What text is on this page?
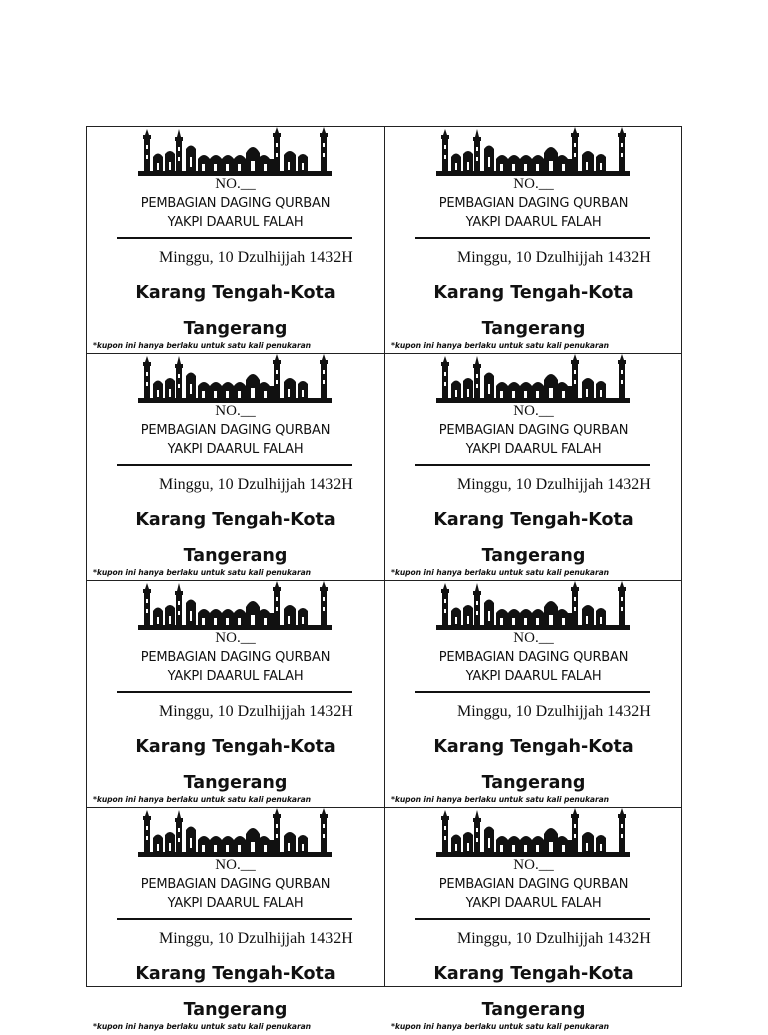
NO.__
PEMBAGIAN DAGING QURBAN
YAKPI DAARUL FALAH
Minggu, 10 Dzulhijjah 1432H
Karang Tengah-Kota Tangerang
*kupon ini hanya berlaku untuk satu kali penukaran
NO.__
PEMBAGIAN DAGING QURBAN
YAKPI DAARUL FALAH
Minggu, 10 Dzulhijjah 1432H
Karang Tengah-Kota Tangerang
*kupon ini hanya berlaku untuk satu kali penukaran
NO.__
PEMBAGIAN DAGING QURBAN
YAKPI DAARUL FALAH
Minggu, 10 Dzulhijjah 1432H
Karang Tengah-Kota Tangerang
*kupon ini hanya berlaku untuk satu kali penukaran
NO.__
PEMBAGIAN DAGING QURBAN
YAKPI DAARUL FALAH
Minggu, 10 Dzulhijjah 1432H
Karang Tengah-Kota Tangerang
*kupon ini hanya berlaku untuk satu kali penukaran
NO.__
PEMBAGIAN DAGING QURBAN
YAKPI DAARUL FALAH
Minggu, 10 Dzulhijjah 1432H
Karang Tengah-Kota Tangerang
*kupon ini hanya berlaku untuk satu kali penukaran
NO.__
PEMBAGIAN DAGING QURBAN
YAKPI DAARUL FALAH
Minggu, 10 Dzulhijjah 1432H
Karang Tengah-Kota Tangerang
*kupon ini hanya berlaku untuk satu kali penukaran
NO.__
PEMBAGIAN DAGING QURBAN
YAKPI DAARUL FALAH
Minggu, 10 Dzulhijjah 1432H
Karang Tengah-Kota Tangerang
*kupon ini hanya berlaku untuk satu kali penukaran
NO.__
PEMBAGIAN DAGING QURBAN
YAKPI DAARUL FALAH
Minggu, 10 Dzulhijjah 1432H
Karang Tengah-Kota Tangerang
*kupon ini hanya berlaku untuk satu kali penukaran
